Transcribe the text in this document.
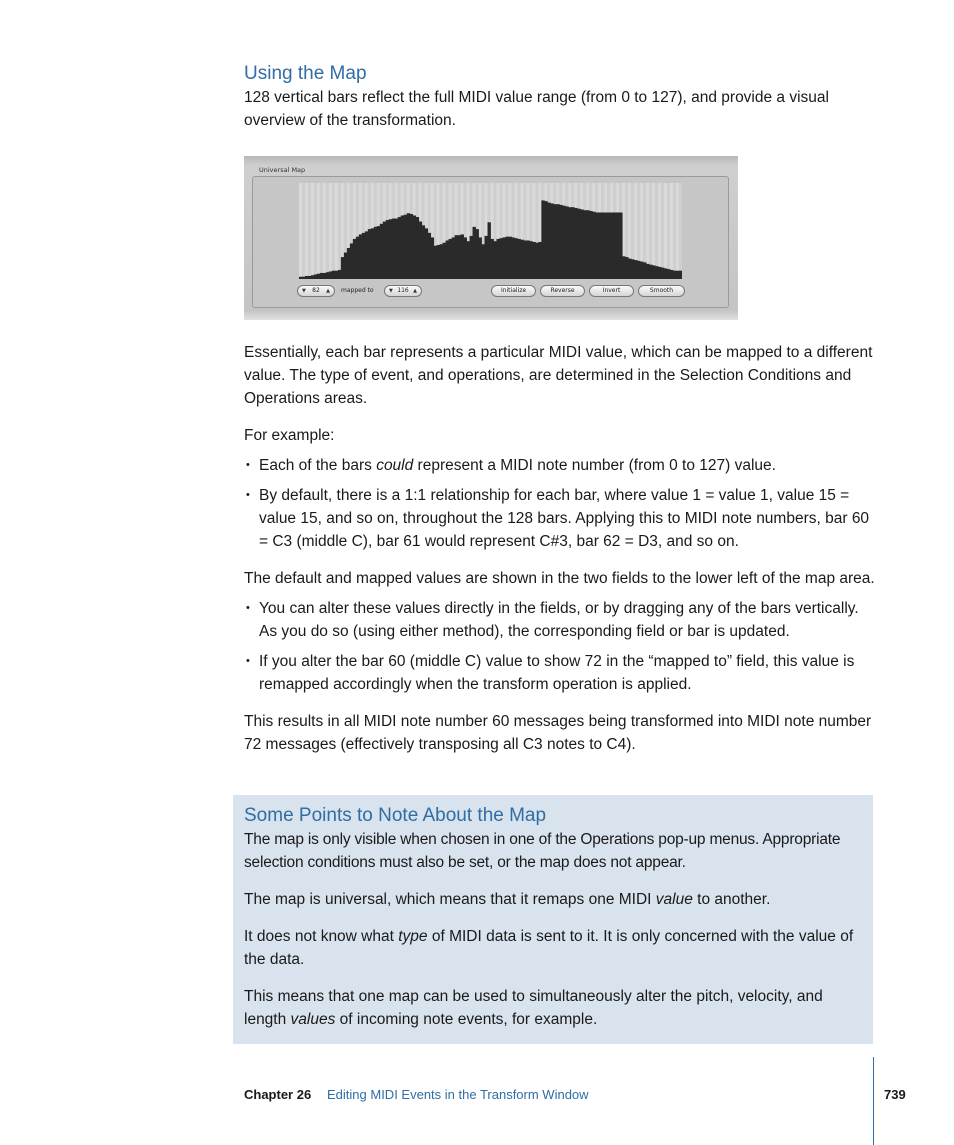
Using the Map

128 vertical bars reflect the full MIDI value range (from 0 to 127), and provide a visual overview of the transformation.

Universal Map
▼ 82 ▲ mapped to	▼ 116 ▲	Initialize	Reverse	Invert	Smooth

Essentially, each bar represents a particular MIDI value, which can be mapped to a different value. The type of event, and operations, are determined in the Selection Conditions and Operations areas.

For example:

• Each of the bars could represent a MIDI note number (from 0 to 127) value.
• By default, there is a 1:1 relationship for each bar, where value 1 = value 1, value 15 = value 15, and so on, throughout the 128 bars. Applying this to MIDI note numbers, bar 60 = C3 (middle C), bar 61 would represent C#3, bar 62 = D3, and so on.

The default and mapped values are shown in the two fields to the lower left of the map area.

• You can alter these values directly in the fields, or by dragging any of the bars vertically. As you do so (using either method), the corresponding field or bar is updated.
• If you alter the bar 60 (middle C) value to show 72 in the “mapped to” field, this value is remapped accordingly when the transform operation is applied.

This results in all MIDI note number 60 messages being transformed into MIDI note number 72 messages (effectively transposing all C3 notes to C4).

Some Points to Note About the Map

The map is only visible when chosen in one of the Operations pop-up menus. Appropriate selection conditions must also be set, or the map does not appear.

The map is universal, which means that it remaps one MIDI value to another.

It does not know what type of MIDI data is sent to it. It is only concerned with the value of the data.

This means that one map can be used to simultaneously alter the pitch, velocity, and length values of incoming note events, for example.

Chapter 26 Editing MIDI Events in the Transform Window	739
